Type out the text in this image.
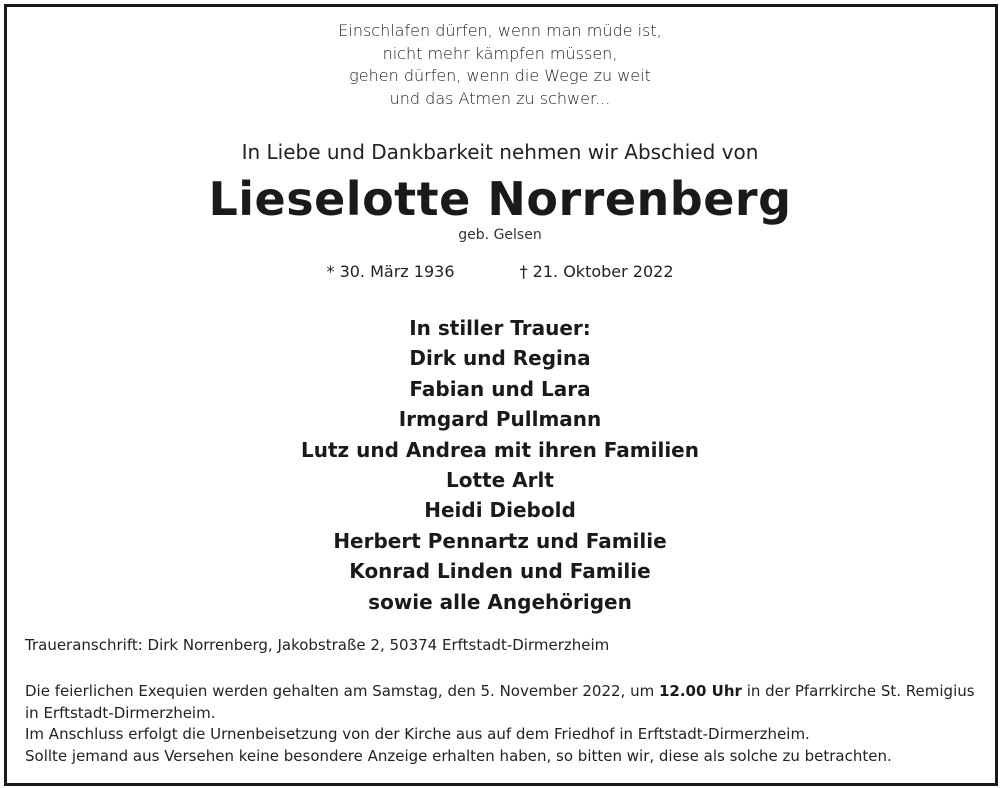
Einschlafen dürfen, wenn man müde ist,
nicht mehr kämpfen müssen,
gehen dürfen, wenn die Wege zu weit
und das Atmen zu schwer...
In Liebe und Dankbarkeit nehmen wir Abschied von
Lieselotte Norrenberg
geb. Gelsen
* 30. März 1936	† 21. Oktober 2022
In stiller Trauer:
Dirk und Regina
Fabian und Lara
Irmgard Pullmann
Lutz und Andrea mit ihren Familien
Lotte Arlt
Heidi Diebold
Herbert Pennartz und Familie
Konrad Linden und Familie
sowie alle Angehörigen
Traueranschrift: Dirk Norrenberg, Jakobstraße 2, 50374 Erftstadt-Dirmerzheim
Die feierlichen Exequien werden gehalten am Samstag, den 5. November 2022, um 12.00 Uhr in der Pfarrkirche St. Remigius
in Erftstadt-Dirmerzheim.
Im Anschluss erfolgt die Urnenbeisetzung von der Kirche aus auf dem Friedhof in Erftstadt-Dirmerzheim.
Sollte jemand aus Versehen keine besondere Anzeige erhalten haben, so bitten wir, diese als solche zu betrachten.
